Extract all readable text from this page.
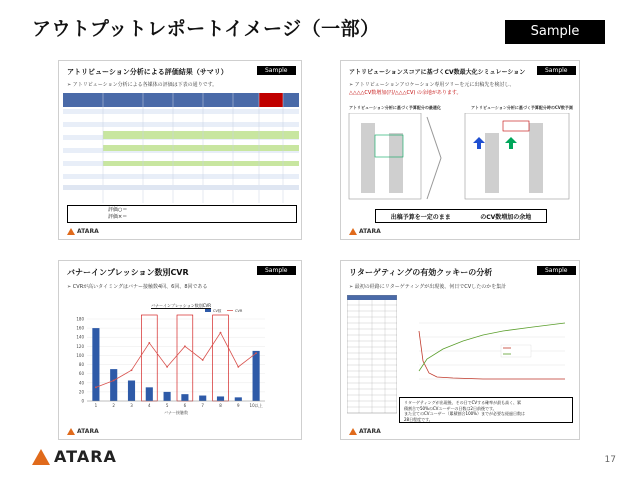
アウトプットレポートイメージ（一部）	Sample
アトリビューション分析による評価結果（サマリ）	Sample
➢ アトリビューション分析による各媒体の評価は下表の通りです。
評価○＝
評価×＝
ATARA
アトリビューションスコアに基づくCV数最大化シミュレーション	Sample
➢ アトリビューションアロケーション専用ツリーを元に出稿先を検討し、
△△△△CV数増加(円/△△△CV) の余地があります。
アトリビューション分析に基づく予算配分の最適化	アトリビューション分析に基づく予算配分時のCV数予測
出稿予算を一定のまま	のCV数増加の余地
ATARA
バナーインプレッション数別CVR	Sample
➢ CVRが高いタイミングはバナー接触数4回、6回、8回である
バナーインプレッション数別CVR
0
20
40
60
80
100
120
140
160
180
1	2	3	4	5	6	7	8	9 10以上
バナー接触数
CV数	CVR
ATARA
リターゲティングの有効クッキーの分析	Sample
➢ 最初の経路にリターゲティングが出現後、何日でCVしたのかを集計
リターゲティングが出現後、その日でCVする確率が最も高く、累
積割合で50%のCVユーザーの日数は2日前後です。
また全てのCVユーザー（累積割合100%）までが必要な経過日数は
28日程度です。
ATARA
ATARA	17
